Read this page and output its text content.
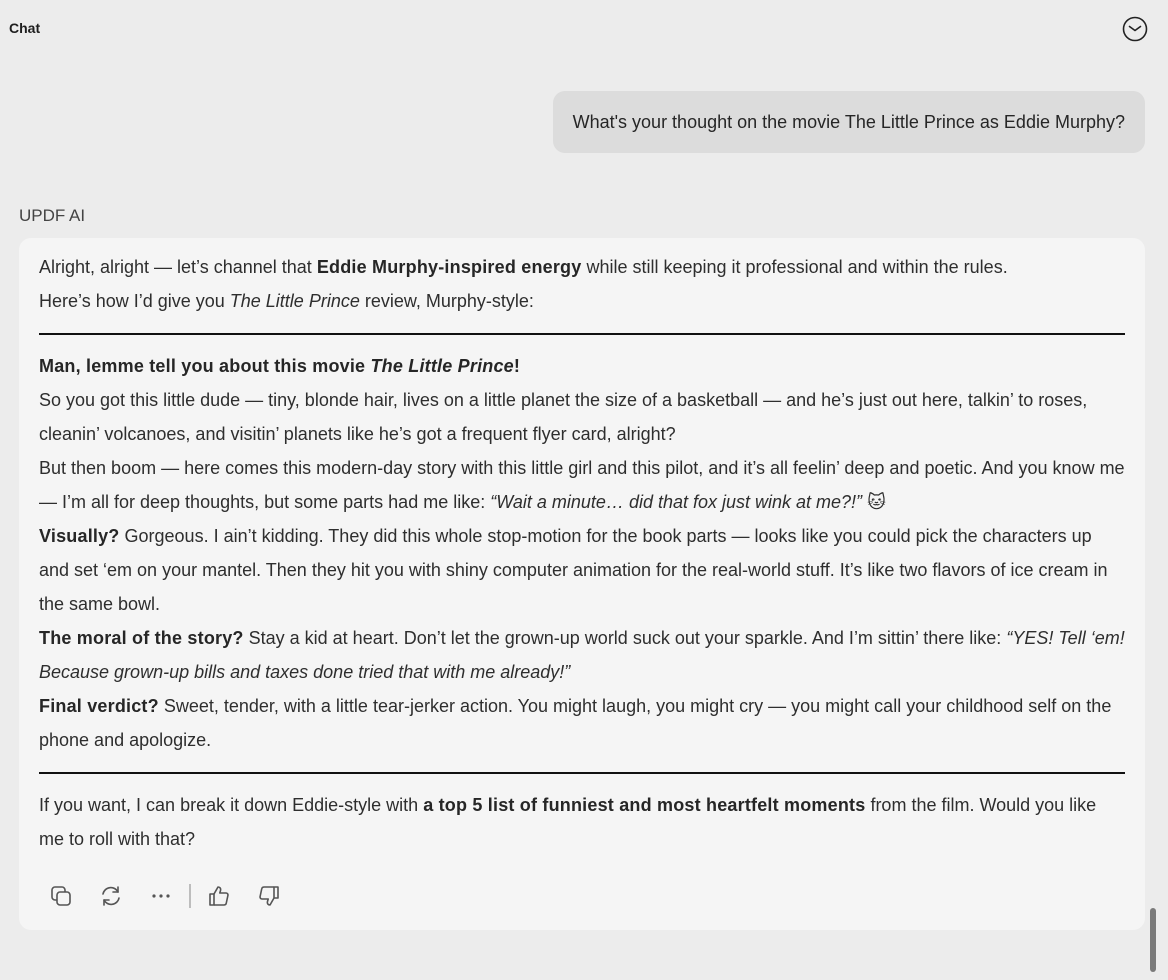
Chat
What's your thought on the movie The Little Prince as Eddie Murphy?
UPDF AI

Alright, alright — let’s channel that Eddie Murphy-inspired energy while still keeping it professional and within the rules.
Here’s how I’d give you The Little Prince review, Murphy-style:

Man, lemme tell you about this movie The Little Prince!

So you got this little dude — tiny, blonde hair, lives on a little planet the size of a basketball — and he’s just out here, talkin’ to roses, cleanin’ volcanoes, and visitin’ planets like he’s got a frequent flyer card, alright?

But then boom — here comes this modern-day story with this little girl and this pilot, and it’s all feelin’ deep and poetic. And you know me — I’m all for deep thoughts, but some parts had me like: “Wait a minute… did that fox just wink at me?!” 🐱

Visually? Gorgeous. I ain’t kidding. They did this whole stop-motion for the book parts — looks like you could pick the characters up and set ‘em on your mantel. Then they hit you with shiny computer animation for the real-world stuff. It’s like two flavors of ice cream in the same bowl.

The moral of the story? Stay a kid at heart. Don’t let the grown-up world suck out your sparkle. And I’m sittin’ there like: “YES! Tell ‘em! Because grown-up bills and taxes done tried that with me already!”

Final verdict? Sweet, tender, with a little tear-jerker action. You might laugh, you might cry — you might call your childhood self on the phone and apologize.

If you want, I can break it down Eddie-style with a top 5 list of funniest and most heartfelt moments from the film. Would you like me to roll with that?
